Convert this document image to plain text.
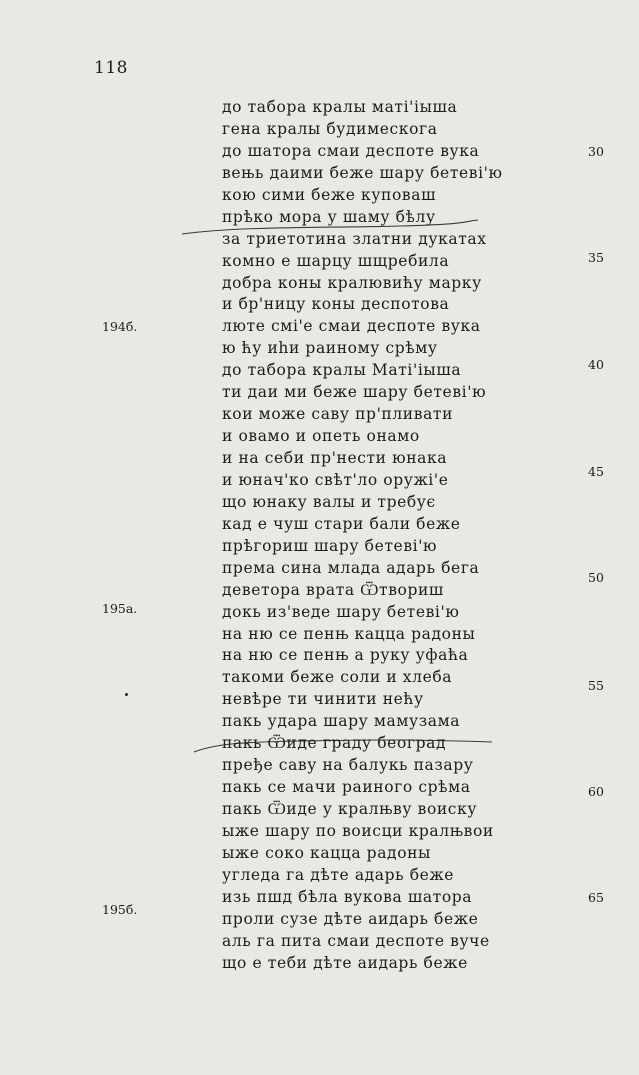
118
до табора кралы маті'іыша
гена кралы будимескога
до шатора смаи деспоте вука
вењь даими беже шару бетеві'ю
кою сими беже куповаш
прѣко мора у шаму бѣлу
за триетотина златни дукатах
комно е шарцу шщребила
добра коны кралювићу марку
и бр'ницу коны деспотова
люте смі'е смаи деспоте вука
ю ћу иһи раиному срѣму
до табора кралы Маті'іыша
ти даи ми беже шару бетеві'ю
кои може саву пр'пливати
и овамо и опеть онамо
и на себи пр'нести юнака
и юнач'ко свѣт'ло оружі'е
що юнаку валы и требує
кад е чуш стари бали беже
прѣгориш шару бетеві'ю
према сина млада адарь бега
деветора врата Ѿтвориш
докь из'веде шару бетеві'ю
на ню се пенњ кацца радоны
на ню се пенњ а руку уфаћа
такоми беже соли и хлеба
невѣре ти чинити нећу
пакь удара шару мамузама
пакь Ѿиде граду београд
пређе саву на балукь пазару
пакь се мачи раиного срѣма
пакь Ѿиде у кралњву воиску
ыже шару по воисци кралњвои
ыже соко кацца радоны
углeда га дѣте адарь беже
изь пшд бѣла вукова шатора
проли сузе дѣте аидарь беже
аль га пита смаи деспоте вуче
що е теби дѣте аидарь беже
30
35
40
45
50
55
60
65
194б.
195а.
195б.
